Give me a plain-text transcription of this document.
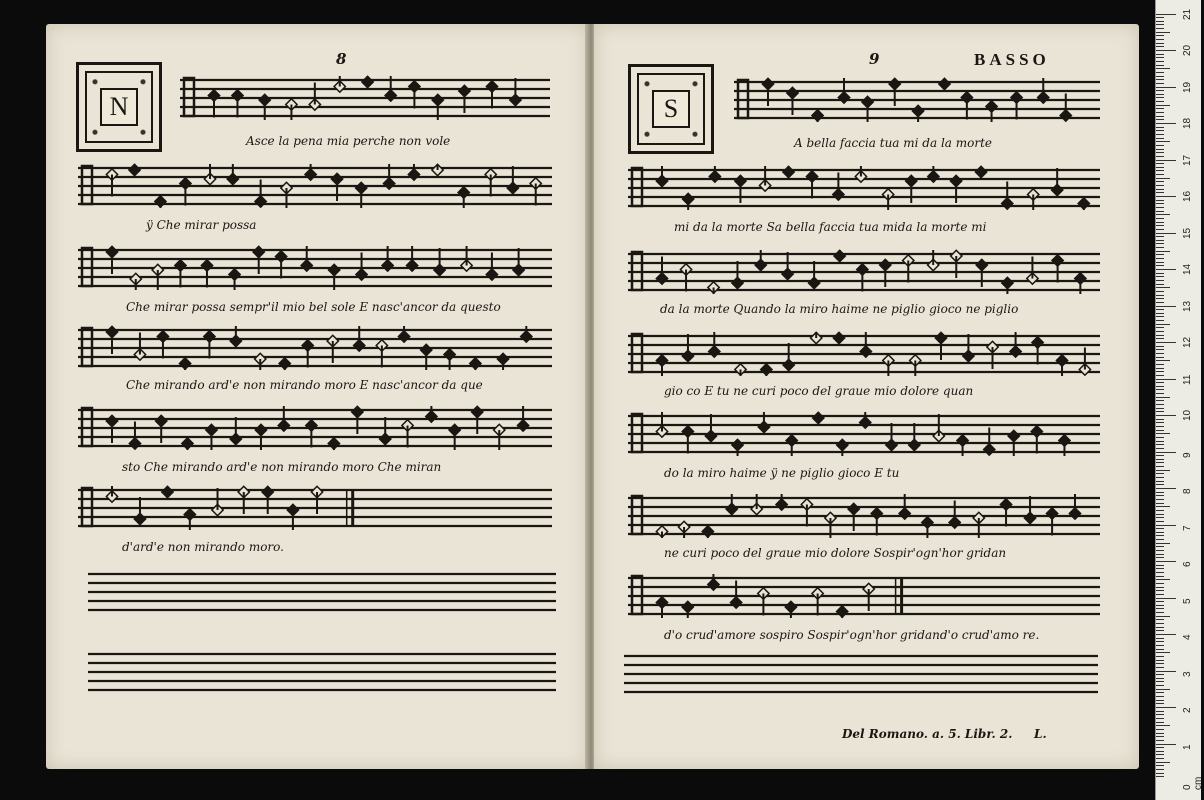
8
N
Asce la pena mia perche non vole
ÿ Che mirar possa
Che mirar possa sempr'il mio bel sole E nasc'ancor da questo
Che mirando ard'e non mirando moro E nasc'ancor da que
sto Che mirando ard'e non mirando moro Che miran
d'ard'e non mirando moro.
9	BASSO
S
A bella faccia tua mi da la morte
mi da la morte Sa bella faccia tua mida la morte mi
da la morte Quando la miro haime ne piglio gioco ne piglio
gio co E tu ne curi poco del graue mio dolore quan
do la miro haime ÿ ne piglio gioco E tu
ne curi poco del graue mio dolore Sospir'ogn'hor gridan
d'o crud'amore sospiro Sospir'ogn'hor gridand'o crud'amo re.
Del Romano. a. 5. Libr. 2. L.
1
2
3
4
5
6
7
8
9
10
11
12
13
14
15
16
17
18
19
20
21
0 cm
